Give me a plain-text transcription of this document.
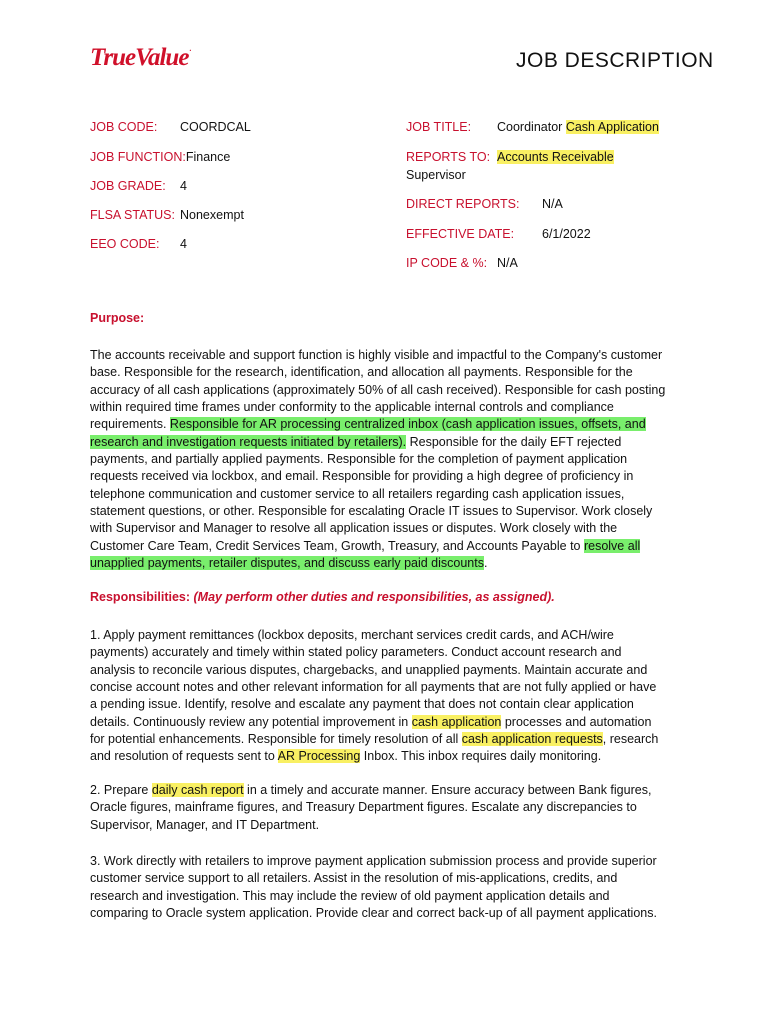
TrueValue.
JOB DESCRIPTION
JOB CODE: COORDCAL
JOB FUNCTION:Finance
JOB GRADE: 4
FLSA STATUS: Nonexempt
EEO CODE: 4
JOB TITLE: Coordinator Cash Application
REPORTS TO: Accounts Receivable
Supervisor
DIRECT REPORTS: N/A
EFFECTIVE DATE: 6/1/2022
IP CODE & %: N/A
Purpose:
The accounts receivable and support function is highly visible and impactful to the Company's customer
base. Responsible for the research, identification, and allocation all payments. Responsible for the
accuracy of all cash applications (approximately 50% of all cash received). Responsible for cash posting
within required time frames under conformity to the applicable internal controls and compliance
requirements. Responsible for AR processing centralized inbox (cash application issues, offsets, and
research and investigation requests initiated by retailers). Responsible for the daily EFT rejected
payments, and partially applied payments. Responsible for the completion of payment application
requests received via lockbox, and email. Responsible for providing a high degree of proficiency in
telephone communication and customer service to all retailers regarding cash application issues,
statement questions, or other. Responsible for escalating Oracle IT issues to Supervisor. Work closely
with Supervisor and Manager to resolve all application issues or disputes. Work closely with the
Customer Care Team, Credit Services Team, Growth, Treasury, and Accounts Payable to resolve all
unapplied payments, retailer disputes, and discuss early paid discounts.
Responsibilities: (May perform other duties and responsibilities, as assigned).
1. Apply payment remittances (lockbox deposits, merchant services credit cards, and ACH/wire
payments) accurately and timely within stated policy parameters. Conduct account research and
analysis to reconcile various disputes, chargebacks, and unapplied payments. Maintain accurate and
concise account notes and other relevant information for all payments that are not fully applied or have
a pending issue. Identify, resolve and escalate any payment that does not contain clear application
details. Continuously review any potential improvement in cash application processes and automation
for potential enhancements. Responsible for timely resolution of all cash application requests, research
and resolution of requests sent to AR Processing Inbox. This inbox requires daily monitoring.
2. Prepare daily cash report in a timely and accurate manner. Ensure accuracy between Bank figures,
Oracle figures, mainframe figures, and Treasury Department figures. Escalate any discrepancies to
Supervisor, Manager, and IT Department.
3. Work directly with retailers to improve payment application submission process and provide superior
customer service support to all retailers. Assist in the resolution of mis-applications, credits, and
research and investigation. This may include the review of old payment application details and
comparing to Oracle system application. Provide clear and correct back-up of all payment applications.
